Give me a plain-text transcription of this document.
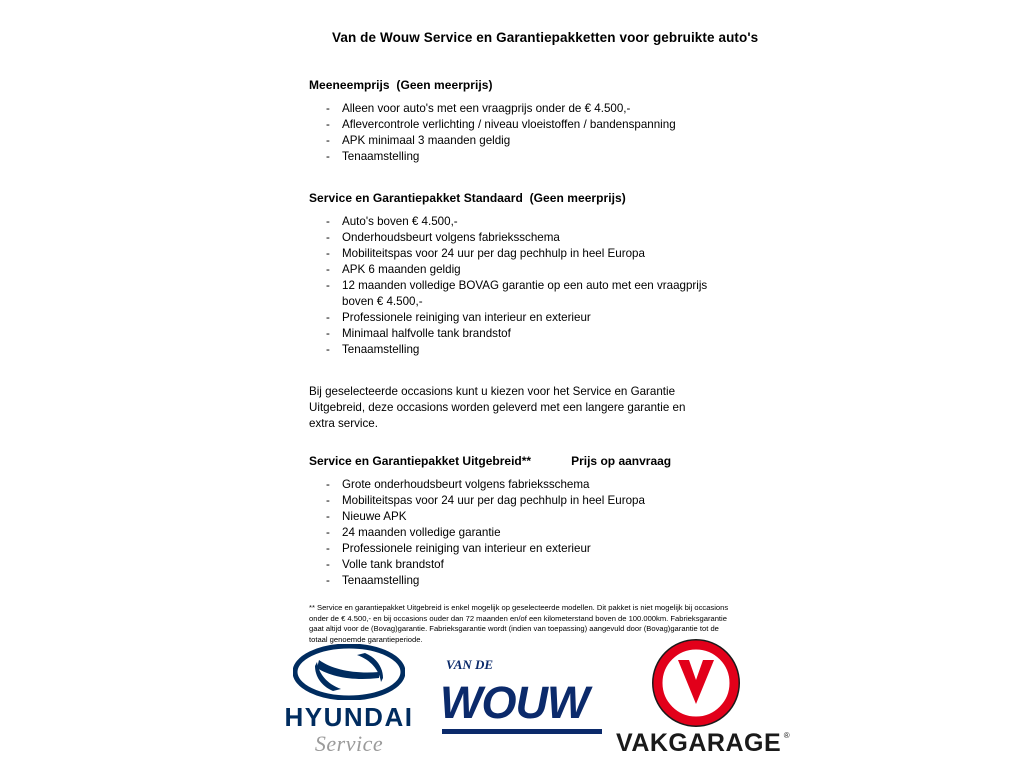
Van de Wouw Service en Garantiepakketten voor gebruikte auto's
Meeneemprijs  (Geen meerprijs)
- Alleen voor auto's met een vraagprijs onder de € 4.500,-
- Aflevercontrole verlichting / niveau vloeistoffen / bandenspanning
- APK minimaal 3 maanden geldig
- Tenaamstelling
Service en Garantiepakket Standaard  (Geen meerprijs)
- Auto's boven € 4.500,-
- Onderhoudsbeurt volgens fabrieksschema
- Mobiliteitspas voor 24 uur per dag pechhulp in heel Europa
- APK 6 maanden geldig
- 12 maanden volledige BOVAG garantie op een auto met een vraagprijs boven € 4.500,-
- Professionele reiniging van interieur en exterieur
- Minimaal halfvolle tank brandstof
- Tenaamstelling
Bij geselecteerde occasions kunt u kiezen voor het Service en Garantie Uitgebreid, deze occasions worden geleverd met een langere garantie en extra service.
Service en Garantiepakket Uitgebreid**	Prijs op aanvraag
- Grote onderhoudsbeurt volgens fabrieksschema
- Mobiliteitspas voor 24 uur per dag pechhulp in heel Europa
- Nieuwe APK
- 24 maanden volledige garantie
- Professionele reiniging van interieur en exterieur
- Volle tank brandstof
- Tenaamstelling
** Service en garantiepakket Uitgebreid is enkel mogelijk op geselecteerde modellen. Dit pakket is niet mogelijk bij occasions onder de € 4.500,- en bij occasions ouder dan 72 maanden en/of een kilometerstand boven de 100.000km. Fabrieksgarantie gaat altijd voor de (Bovag)garantie. Fabrieksgarantie wordt (indien van toepassing) aangevuld door (Bovag)garantie tot de totaal genoemde garantieperiode.
HYUNDAI
Service
VAN DE
WOUW
VAKGARAGE ®
